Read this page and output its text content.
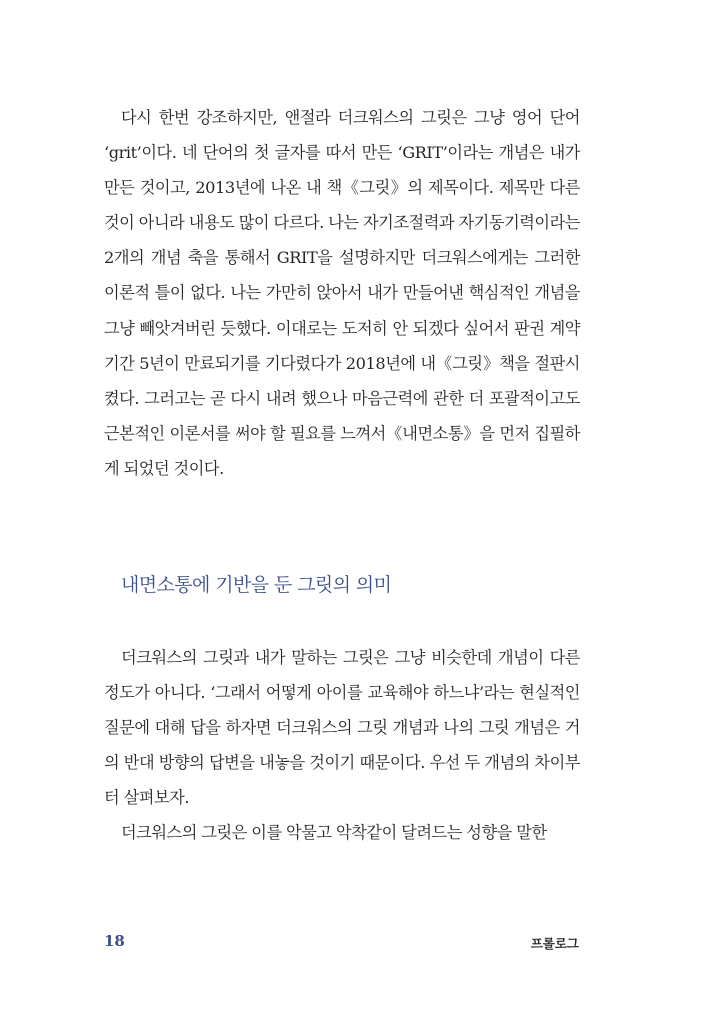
다시 한번 강조하지만, 앤절라 더크워스의 그릿은 그냥 영어 단어 ‘grit’이다. 네 단어의 첫 글자를 따서 만든 ‘GRIT’이라는 개념은 내가 만든 것이고, 2013년에 나온 내 책《그릿》의 제목이다. 제목만 다른 것이 아니라 내용도 많이 다르다. 나는 자기조절력과 자기동기력이라는 2개의 개념 축을 통해서 GRIT을 설명하지만 더크워스에게는 그러한 이론적 틀이 없다. 나는 가만히 앉아서 내가 만들어낸 핵심적인 개념을 그냥 빼앗겨버린 듯했다. 이대로는 도저히 안 되겠다 싶어서 판권 계약기간 5년이 만료되기를 기다렸다가 2018년에 내《그릿》책을 절판시켰다. 그러고는 곧 다시 내려 했으나 마음근력에 관한 더 포괄적이고도 근본적인 이론서를 써야 할 필요를 느껴서《내면소통》을 먼저 집필하게 되었던 것이다.

내면소통에 기반을 둔 그릿의 의미

더크워스의 그릿과 내가 말하는 그릿은 그냥 비슷한데 개념이 다른 정도가 아니다. ‘그래서 어떻게 아이를 교육해야 하느냐’라는 현실적인 질문에 대해 답을 하자면 더크워스의 그릿 개념과 나의 그릿 개념은 거의 반대 방향의 답변을 내놓을 것이기 때문이다. 우선 두 개념의 차이부터 살펴보자.

더크워스의 그릿은 이를 악물고 악착같이 달려드는 성향을 말한

18	프롤로그
